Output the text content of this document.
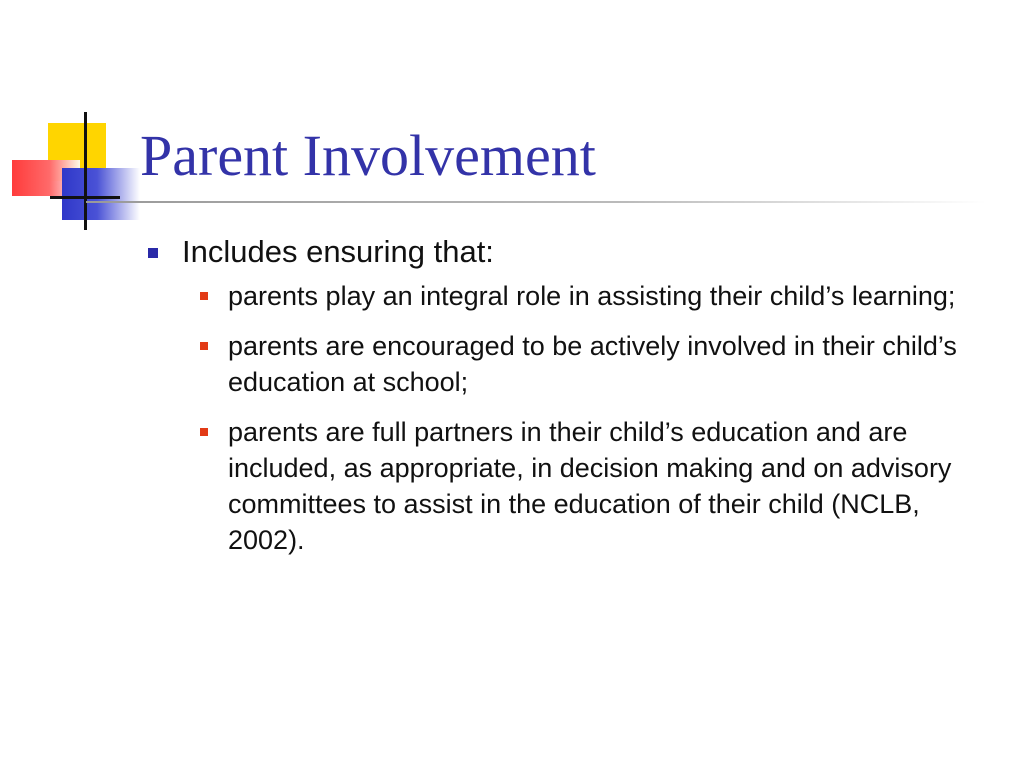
Parent Involvement
Includes ensuring that:
parents play an integral role in assisting their child’s learning;
parents are encouraged to be actively involved in their child’s education at school;
parents are full partners in their child’s education and are included, as appropriate, in decision making and on advisory committees to assist in the education of their child (NCLB, 2002).
